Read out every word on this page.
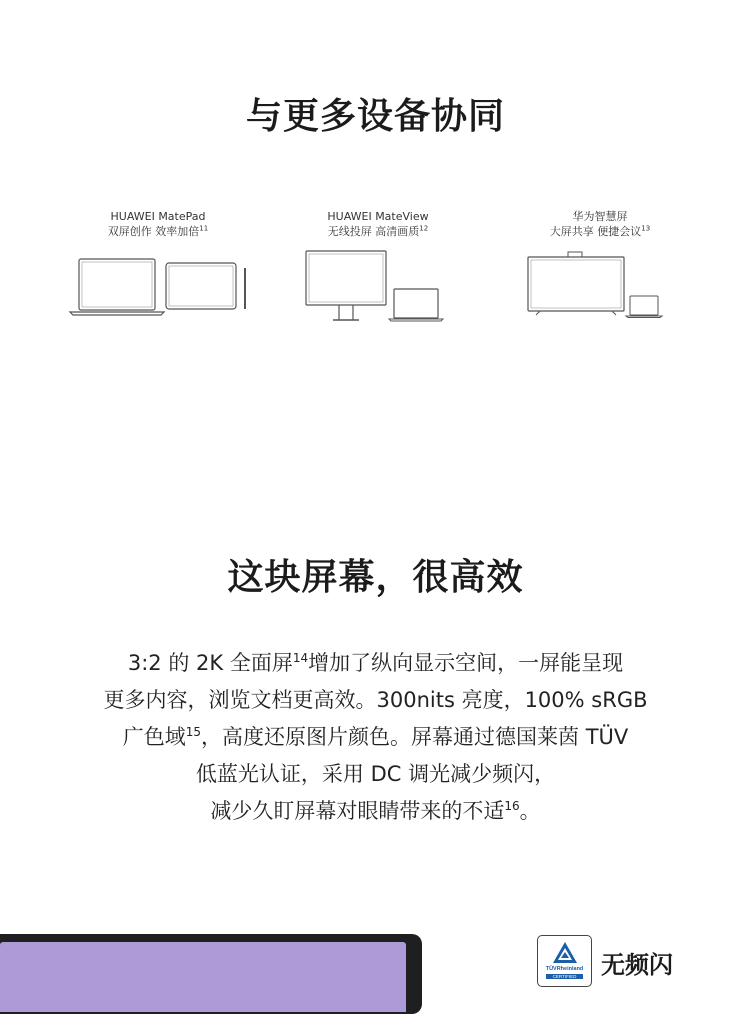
与更多设备协同
HUAWEI MatePad
双屏创作 效率加倍$^{11}$
HUAWEI MateView
无线投屏 高清画质$^{12}$
华为智慧屏
大屏共享 便捷会议$^{13}$
这块屏幕，很高效
3:2 的 2K 全面屏$^{14}$增加了纵向显示空间，一屏能呈现
更多内容，浏览文档更高效。300nits 亮度，100% sRGB
广色域$^{15}$，高度还原图片颜色。屏幕通过德国莱茵 TÜV
低蓝光认证，采用 DC 调光减少频闪，
减少久盯屏幕对眼睛带来的不适$^{16}$。
TÜVRheinland
CERTIFIED 无频闪
